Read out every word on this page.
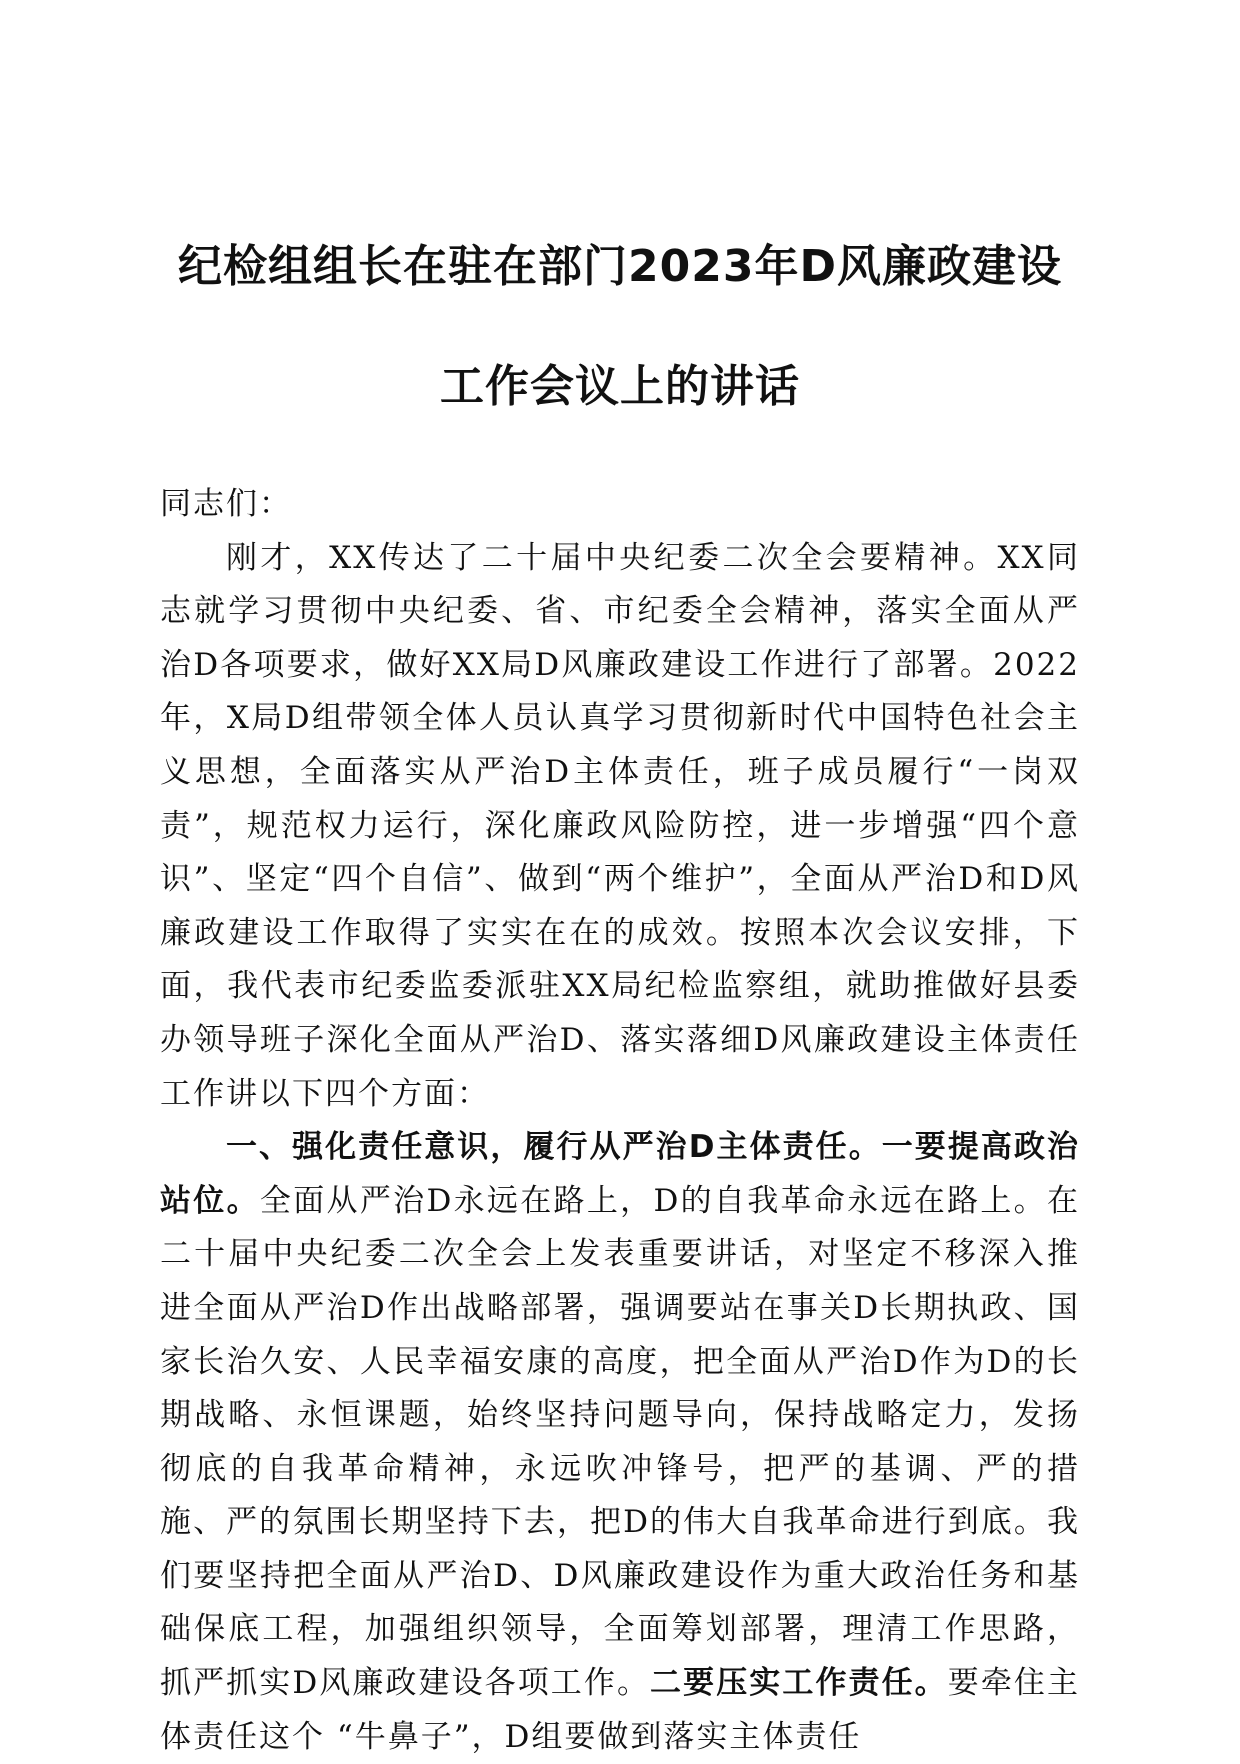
纪检组组长在驻在部门2023年D风廉政建设
工作会议上的讲话

同志们：

刚才，XX传达了二十届中央纪委二次全会要精神。XX同志就学习贯彻中央纪委、省、市纪委全会精神，落实全面从严治D各项要求，做好XX局D风廉政建设工作进行了部署。2022年，X局D组带领全体人员认真学习贯彻新时代中国特色社会主义思想，全面落实从严治D主体责任，班子成员履行“一岗双责”，规范权力运行，深化廉政风险防控，进一步增强“四个意识”、坚定“四个自信”、做到“两个维护”，全面从严治D和D风廉政建设工作取得了实实在在的成效。按照本次会议安排，下面，我代表市纪委监委派驻XX局纪检监察组，就助推做好县委办领导班子深化全面从严治D、落实落细D风廉政建设主体责任工作讲以下四个方面：

一、强化责任意识，履行从严治D主体责任。一要提高政治站位。全面从严治D永远在路上，D的自我革命永远在路上。在二十届中央纪委二次全会上发表重要讲话，对坚定不移深入推进全面从严治D作出战略部署，强调要站在事关D长期执政、国家长治久安、人民幸福安康的高度，把全面从严治D作为D的长期战略、永恒课题，始终坚持问题导向，保持战略定力，发扬彻底的自我革命精神，永远吹冲锋号，把严的基调、严的措施、严的氛围长期坚持下去，把D的伟大自我革命进行到底。我们要坚持把全面从严治D、D风廉政建设作为重大政治任务和基础保底工程，加强组织领导，全面筹划部署，理清工作思路，抓严抓实D风廉政建设各项工作。二要压实工作责任。要牵住主体责任这个 “牛鼻子”，D组要做到落实主体责任
